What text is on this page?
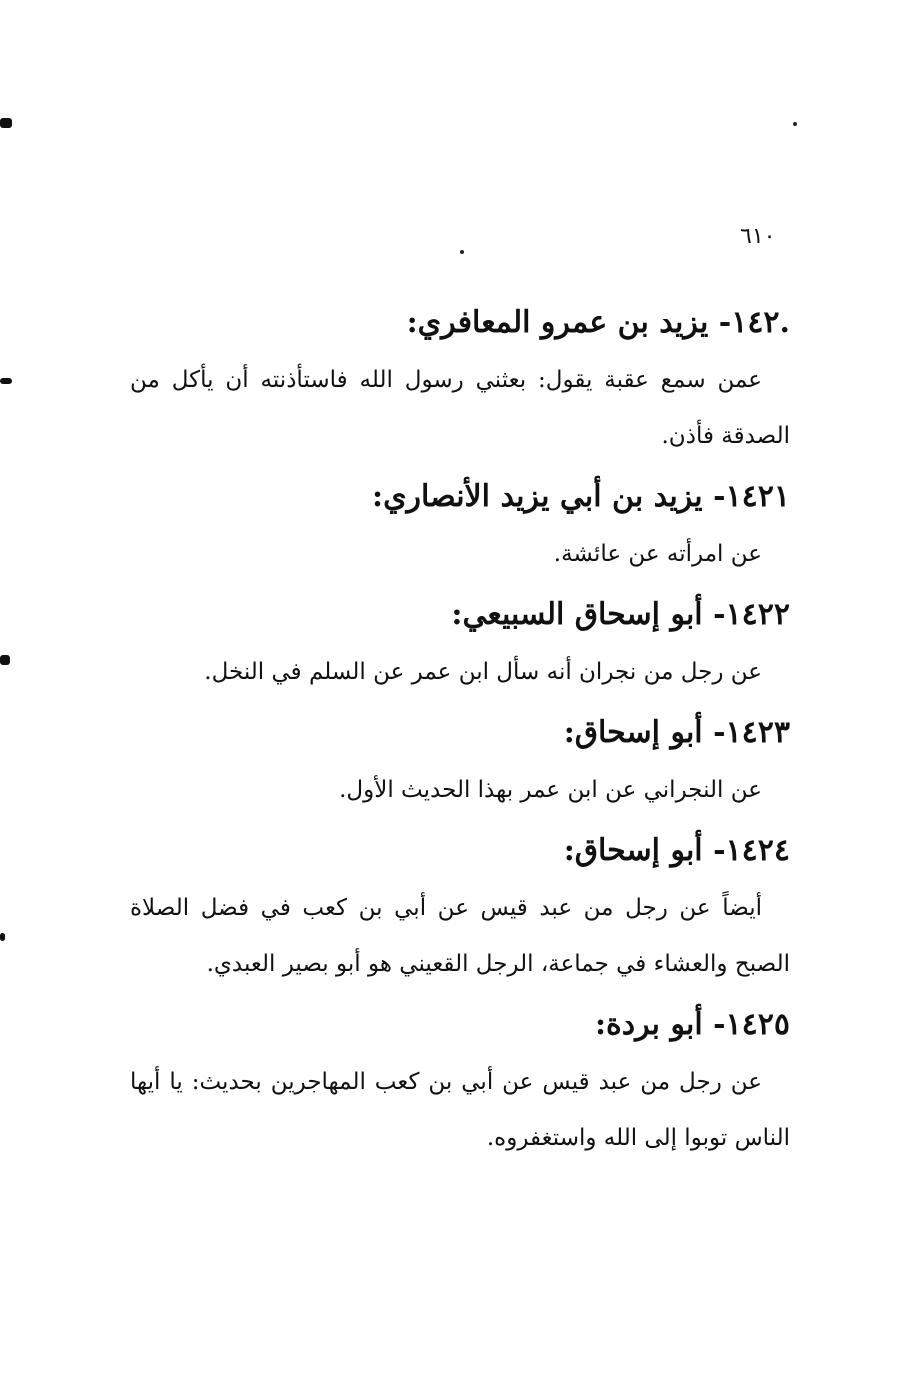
٦١٠

.١٤٢- يزيد بن عمرو المعافري:

عمن سمع عقبة يقول: بعثني رسول الله فاستأذنته أن يأكل من الصدقة فأذن.

١٤٢١- يزيد بن أبي يزيد الأنصاري:

عن امرأته عن عائشة.

١٤٢٢- أبو إسحاق السبيعي:

عن رجل من نجران أنه سأل ابن عمر عن السلم في النخل.

١٤٢٣- أبو إسحاق:

عن النجراني عن ابن عمر بهذا الحديث الأول.

١٤٢٤- أبو إسحاق:

أيضاً عن رجل من عبد قيس عن أبي بن كعب في فضل الصلاة الصبح والعشاء في جماعة، الرجل القعيني هو أبو بصير العبدي.

١٤٢٥- أبو بردة:

عن رجل من عبد قيس عن أبي بن كعب المهاجرين بحديث: يا أيها الناس توبوا إلى الله واستغفروه.
